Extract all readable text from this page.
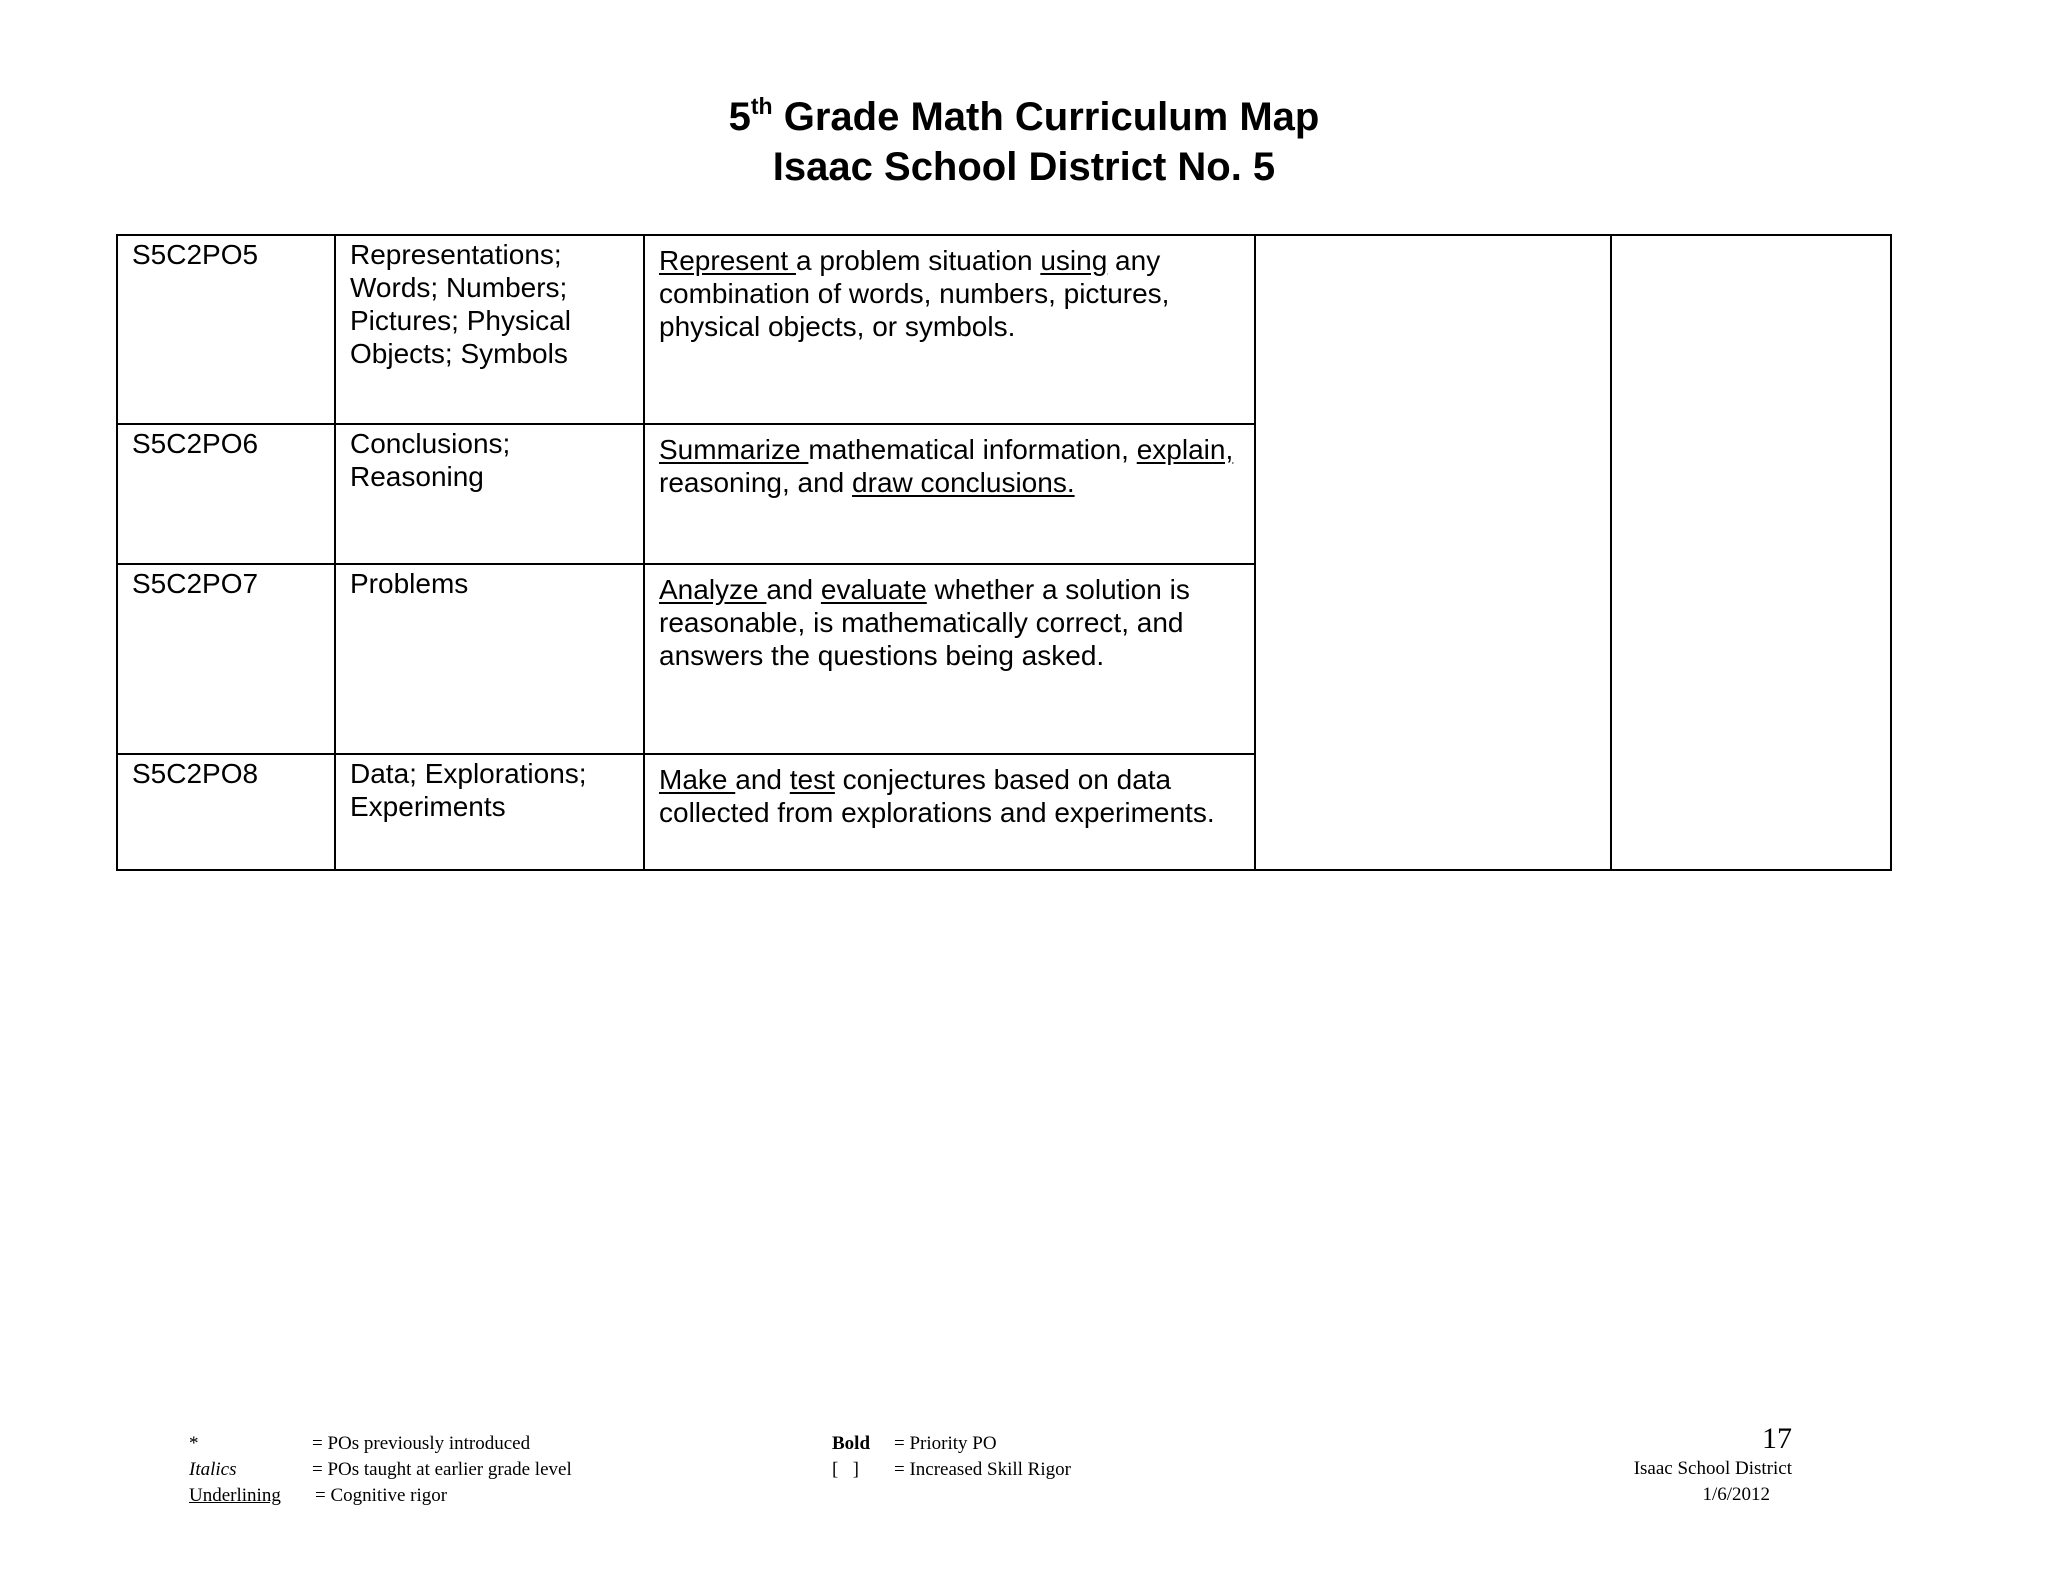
5th Grade Math Curriculum Map
Isaac School District No. 5
S5C2PO5	Representations; Words; Numbers; Pictures; Physical Objects; Symbols	Represent a problem situation using any combination of words, numbers, pictures, physical objects, or symbols.		
S5C2PO6	Conclusions; Reasoning	Summarize mathematical information, explain, reasoning, and draw conclusions.		
S5C2PO7	Problems	Analyze and evaluate whether a solution is reasonable, is mathematically correct, and answers the questions being asked.		
S5C2PO8	Data; Explorations; Experiments	Make and test conjectures based on data collected from explorations and experiments.		
*	= POs previously introduced
Italics	= POs taught at earlier grade level
Underlining = Cognitive rigor
Bold = Priority PO
[   ] = Increased Skill Rigor
17
Isaac School District
1/6/2012
